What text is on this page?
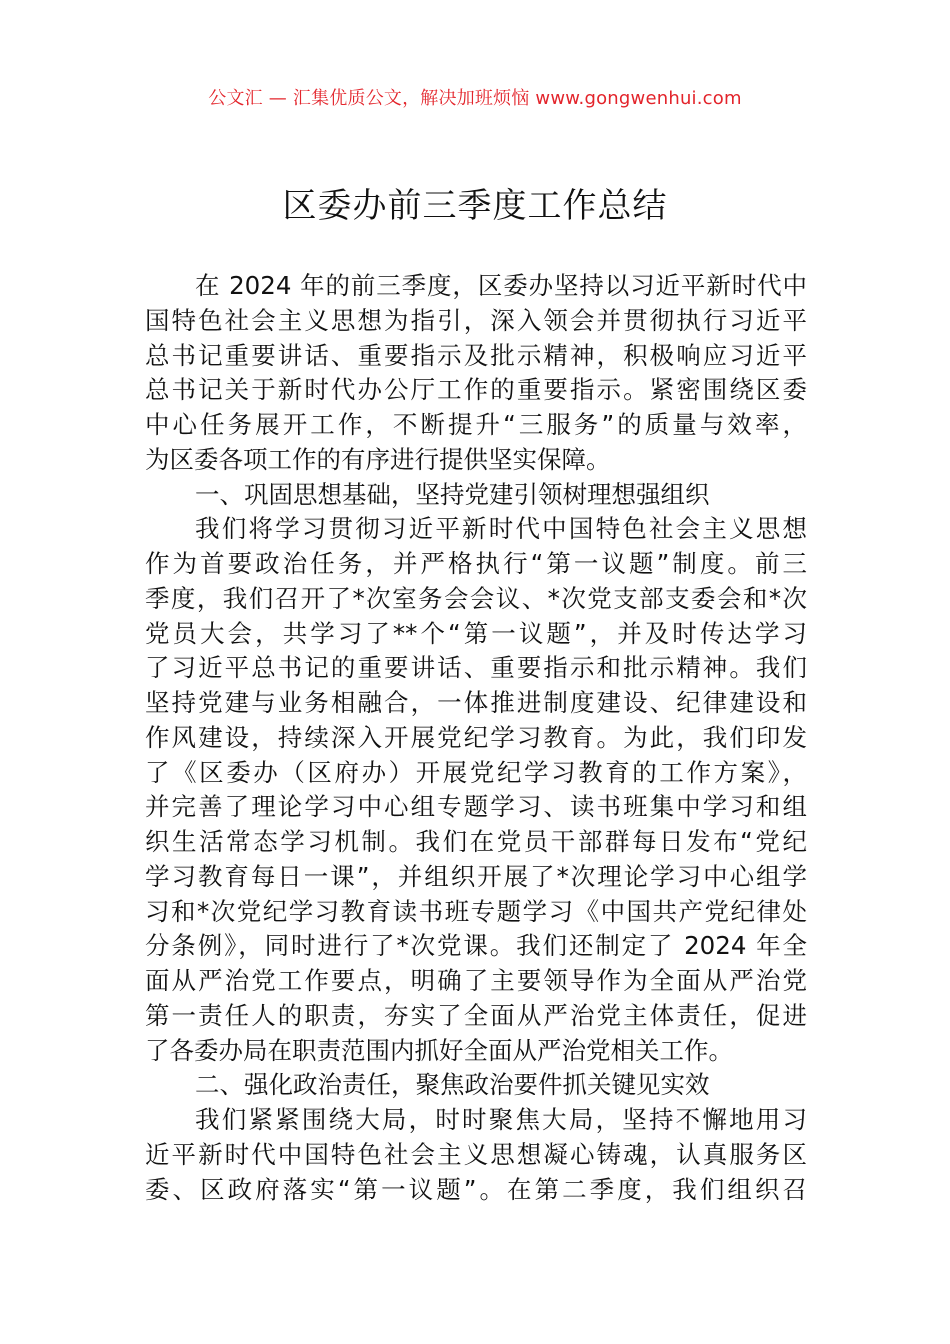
公文汇 — 汇集优质公文，解决加班烦恼 www.gongwenhui.com
区委办前三季度工作总结
在 2024 年的前三季度，区委办坚持以习近平新时代中
国特色社会主义思想为指引，深入领会并贯彻执行习近平
总书记重要讲话、重要指示及批示精神，积极响应习近平
总书记关于新时代办公厅工作的重要指示。紧密围绕区委
中心任务展开工作，不断提升“三服务”的质量与效率，
为区委各项工作的有序进行提供坚实保障。
一、巩固思想基础，坚持党建引领树理想强组织
我们将学习贯彻习近平新时代中国特色社会主义思想
作为首要政治任务，并严格执行“第一议题”制度。前三
季度，我们召开了*次室务会会议、*次党支部支委会和*次
党员大会，共学习了**个“第一议题”，并及时传达学习
了习近平总书记的重要讲话、重要指示和批示精神。我们
坚持党建与业务相融合，一体推进制度建设、纪律建设和
作风建设，持续深入开展党纪学习教育。为此，我们印发
了《区委办（区府办）开展党纪学习教育的工作方案》，
并完善了理论学习中心组专题学习、读书班集中学习和组
织生活常态学习机制。我们在党员干部群每日发布“党纪
学习教育每日一课”，并组织开展了*次理论学习中心组学
习和*次党纪学习教育读书班专题学习《中国共产党纪律处
分条例》，同时进行了*次党课。我们还制定了 2024 年全
面从严治党工作要点，明确了主要领导作为全面从严治党
第一责任人的职责，夯实了全面从严治党主体责任，促进
了各委办局在职责范围内抓好全面从严治党相关工作。
二、强化政治责任，聚焦政治要件抓关键见实效
我们紧紧围绕大局，时时聚焦大局，坚持不懈地用习
近平新时代中国特色社会主义思想凝心铸魂，认真服务区
委、区政府落实“第一议题”。在第二季度，我们组织召
